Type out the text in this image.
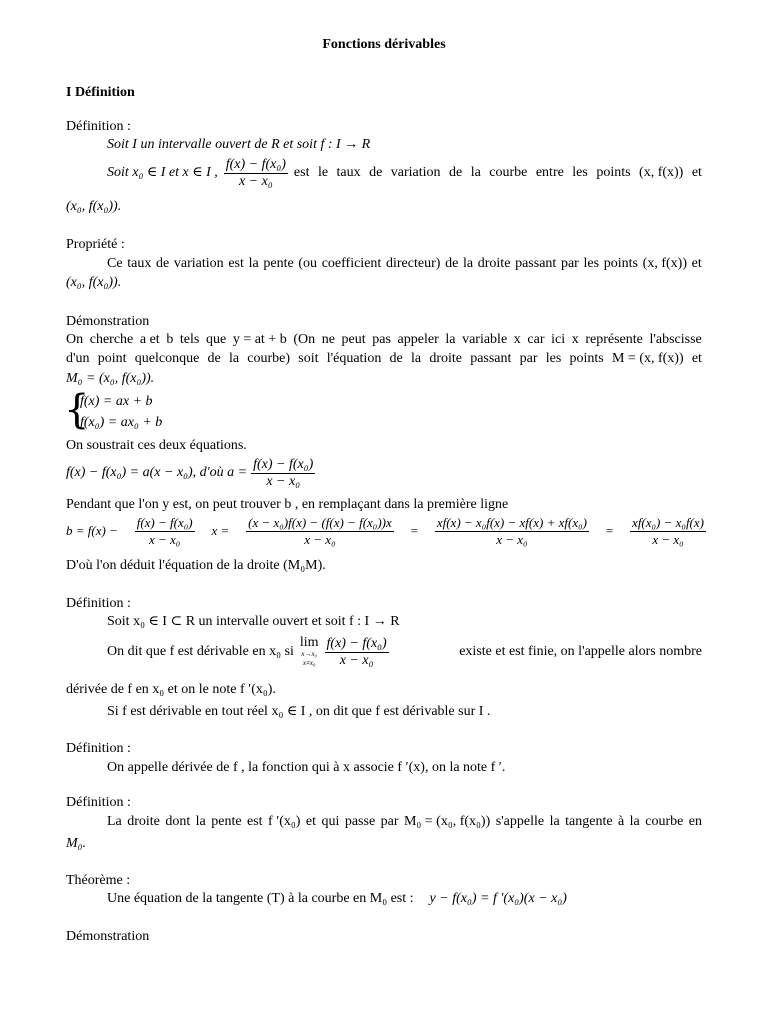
Fonctions dérivables
I Définition
Définition :
Soit I un intervalle ouvert de R et soit f : I → R
Soit x₀ ∈ I et x ∈ I , $\frac{\text{f(x) − f(x₀)}}{\text{x − x₀}}$ est le taux de variation de la courbe entre les points (x, f(x)) et
(x₀, f(x₀)).
Propriété :
Ce taux de variation est la pente (ou coefficient directeur) de la droite passant par les points (x, f(x)) et
(x₀, f(x₀)).
Démonstration
On cherche a et b tels que y = at + b (On ne peut pas appeler la variable x car ici x représente l'abscisse
d'un point quelconque de la courbe) soit l'équation de la droite passant par les points M = (x, f(x)) et
M₀ = (x₀, f(x₀)).
{
f(x) = ax + b
f(x₀) = ax₀ + b
On soustrait ces deux équations.
f(x) − f(x₀) = a(x − x₀), d'où $a = \frac{\text{f(x) − f(x₀)}}{\text{x − x₀}}$
Pendant que l'on y est, on peut trouver b , en remplaçant dans la première ligne
$b = f(x) - \frac{\text{f(x) − f(x₀)}}{\text{x − x₀}}$ $x = \frac{\text{(x − x₀)f(x) − (f(x) − f(x₀))x}}{\text{x − x₀}} = \frac{\text{xf(x) − x₀f(x) − xf(x) + xf(x₀)}}{\text{x − x₀}} = \frac{\text{xf(x₀) − x₀f(x)}}{\text{x − x₀}}$
D'où l'on déduit l'équation de la droite (M₀M).
Définition :
Soit x₀ ∈ I ⊂ R un intervalle ouvert et soit f : I → R
On dit que f est dérivable en x₀ si
lim
x→x₀
$x\ne x_0 \frac{\text{f(x) − f(x₀)}}{\text{x − x₀}}$	existe et est finie, on l'appelle alors nombre
dérivée de f en x₀ et on le note f ′(x₀).
Si f est dérivable en tout réel x₀ ∈ I , on dit que f est dérivable sur I .
Définition :
On appelle dérivée de f , la fonction qui à x associe f ′(x), on la note f ′.
Définition :
La droite dont la pente est f ′(x₀) et qui passe par M₀ = (x₀, f(x₀)) s'appelle la tangente à la courbe en
M₀.
Théorème :
Une équation de la tangente (T) à la courbe en M₀ est : y − f(x₀) = f ′(x₀)(x − x₀)
Démonstration
